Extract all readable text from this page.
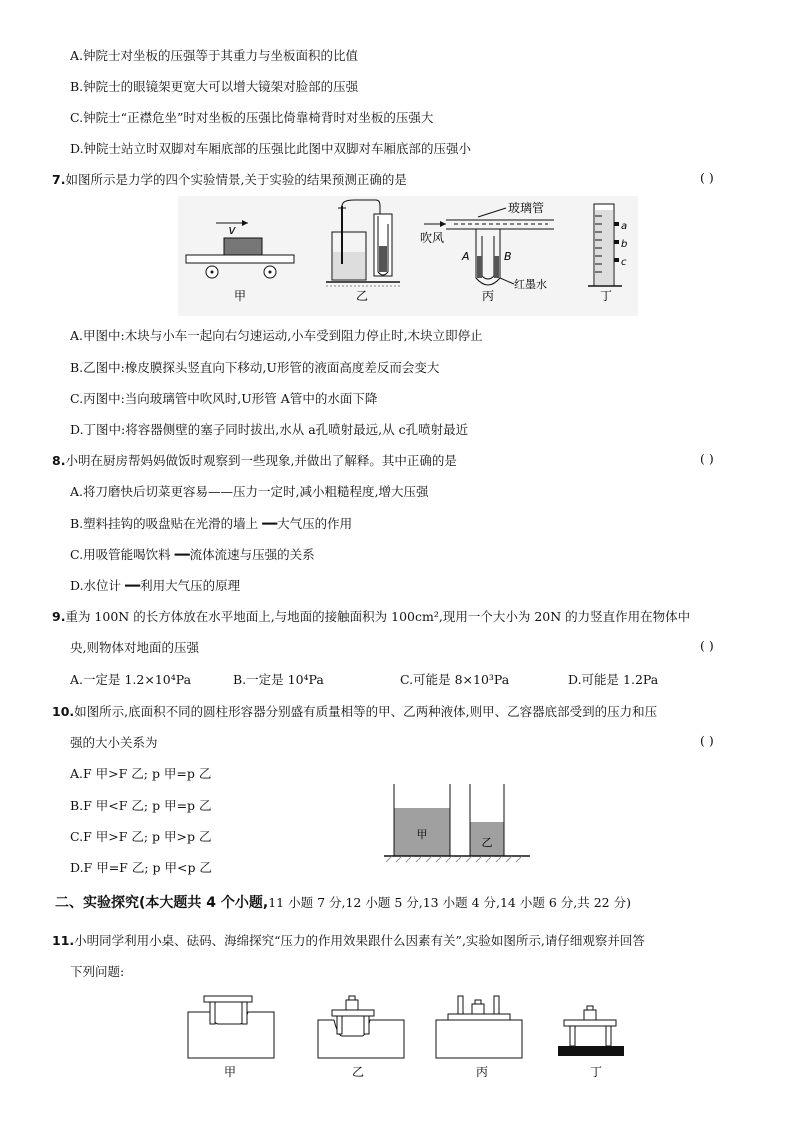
A.钟院士对坐板的压强等于其重力与坐板面积的比值
B.钟院士的眼镜架更宽大可以增大镜架对脸部的压强
C.钟院士“正襟危坐”时对坐板的压强比倚靠椅背时对坐板的压强大
D.钟院士站立时双脚对车厢底部的压强比此图中双脚对车厢底部的压强小
7.如图所示是力学的四个实验情景,关于实验的结果预测正确的是	( )
v
吹风
玻璃管
A	B
红墨水
a
b
c
甲	乙	丙	丁
A.甲图中:木块与小车一起向右匀速运动,小车受到阻力停止时,木块立即停止
B.乙图中:橡皮膜探头竖直向下移动,U形管的液面高度差反而会变大
C.丙图中:当向玻璃管中吹风时,U形管 A管中的水面下降
D.丁图中:将容器侧壁的塞子同时拔出,水从 a孔喷射最远,从 c孔喷射最近
8.小明在厨房帮妈妈做饭时观察到一些现象,并做出了解释。其中正确的是	( )
A.将刀磨快后切菜更容易——压力一定时,减小粗糙程度,增大压强
B.塑料挂钩的吸盘贴在光滑的墙上 ━━大气压的作用
C.用吸管能喝饮料 ━━流体流速与压强的关系
D.水位计 ━━利用大气压的原理
9.重为 100N 的长方体放在水平地面上,与地面的接触面积为 100cm²,现用一个大小为 20N 的力竖直作用在物体中
央,则物体对地面的压强	( )
A.一定是 1.2×10⁴Pa	B.一定是 10⁴Pa	C.可能是 8×10³Pa	D.可能是 1.2Pa
10.如图所示,底面积不同的圆柱形容器分别盛有质量相等的甲、乙两种液体,则甲、乙容器底部受到的压力和压
强的大小关系为	( )
A.F 甲>F 乙; p 甲=p 乙
B.F 甲<F 乙; p 甲=p 乙
C.F 甲>F 乙; p 甲>p 乙
D.F 甲=F 乙; p 甲<p 乙
甲
乙
二、实验探究(本大题共 4 个小题,11 小题 7 分,12 小题 5 分,13 小题 4 分,14 小题 6 分,共 22 分)
11.小明同学利用小桌、砝码、海绵探究“压力的作用效果跟什么因素有关”,实验如图所示,请仔细观察并回答
下列问题:
甲	乙	丙	丁
